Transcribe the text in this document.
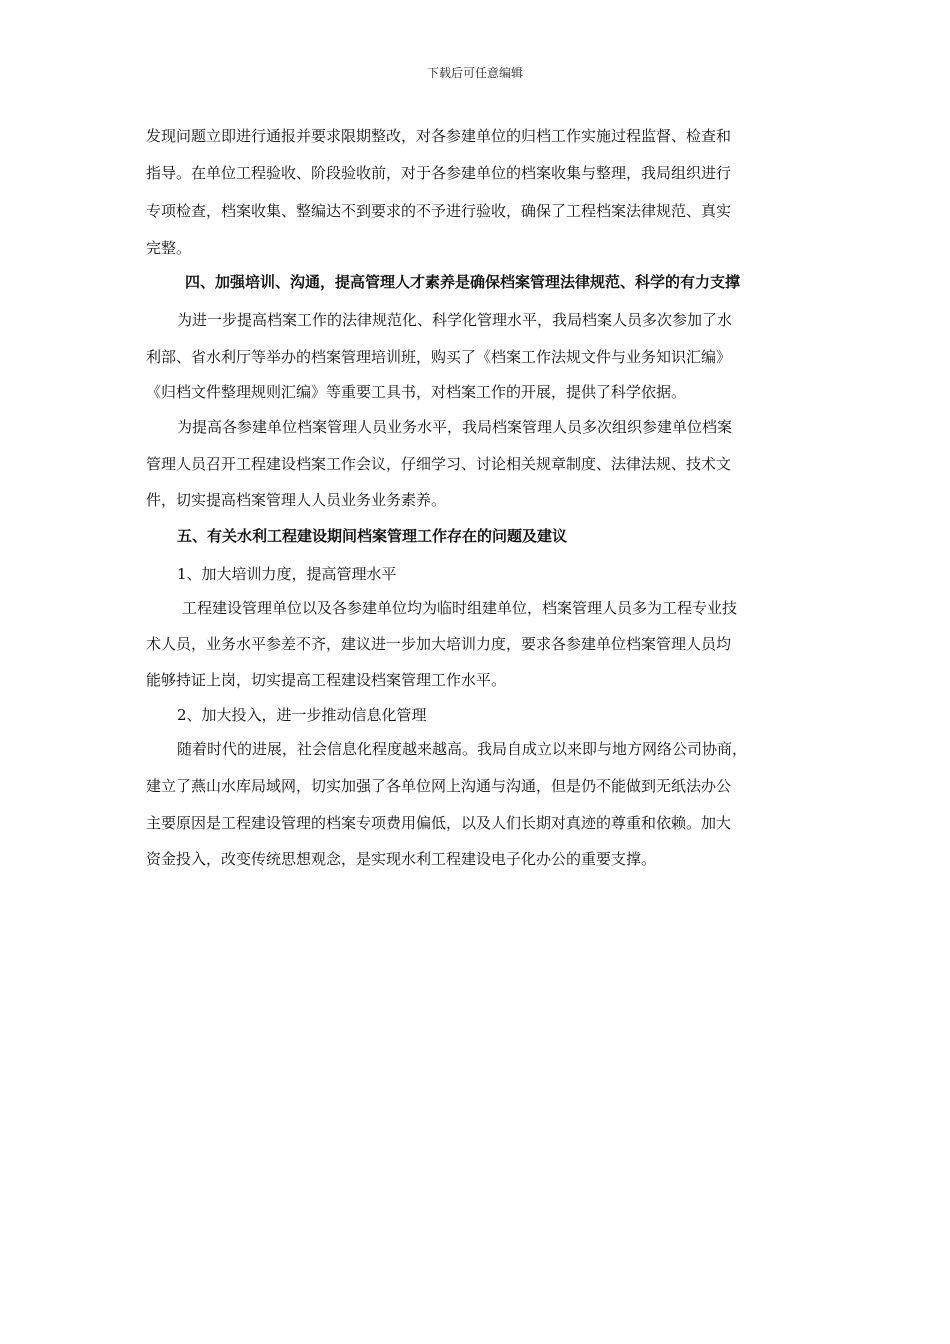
下载后可任意编辑
发现问题立即进行通报并要求限期整改，对各参建单位的归档工作实施过程监督、检查和
指导。在单位工程验收、阶段验收前，对于各参建单位的档案收集与整理，我局组织进行
专项检查，档案收集、整编达不到要求的不予进行验收，确保了工程档案法律规范、真实
完整。
四、加强培训、沟通，提高管理人才素养是确保档案管理法律规范、科学的有力支撑
为进一步提高档案工作的法律规范化、科学化管理水平，我局档案人员多次参加了水
利部、省水利厅等举办的档案管理培训班，购买了《档案工作法规文件与业务知识汇编》
《归档文件整理规则汇编》等重要工具书，对档案工作的开展，提供了科学依据。
为提高各参建单位档案管理人员业务水平，我局档案管理人员多次组织参建单位档案
管理人员召开工程建设档案工作会议，仔细学习、讨论相关规章制度、法律法规、技术文
件，切实提高档案管理人人员业务业务素养。
五、有关水利工程建设期间档案管理工作存在的问题及建议
1、加大培训力度，提高管理水平
工程建设管理单位以及各参建单位均为临时组建单位，档案管理人员多为工程专业技
术人员，业务水平参差不齐，建议进一步加大培训力度，要求各参建单位档案管理人员均
能够持证上岗，切实提高工程建设档案管理工作水平。
2、加大投入，进一步推动信息化管理
随着时代的进展，社会信息化程度越来越高。我局自成立以来即与地方网络公司协商，
建立了燕山水库局域网，切实加强了各单位网上沟通与沟通，但是仍不能做到无纸法办公
主要原因是工程建设管理的档案专项费用偏低，以及人们长期对真迹的尊重和依赖。加大
资金投入，改变传统思想观念，是实现水利工程建设电子化办公的重要支撑。
